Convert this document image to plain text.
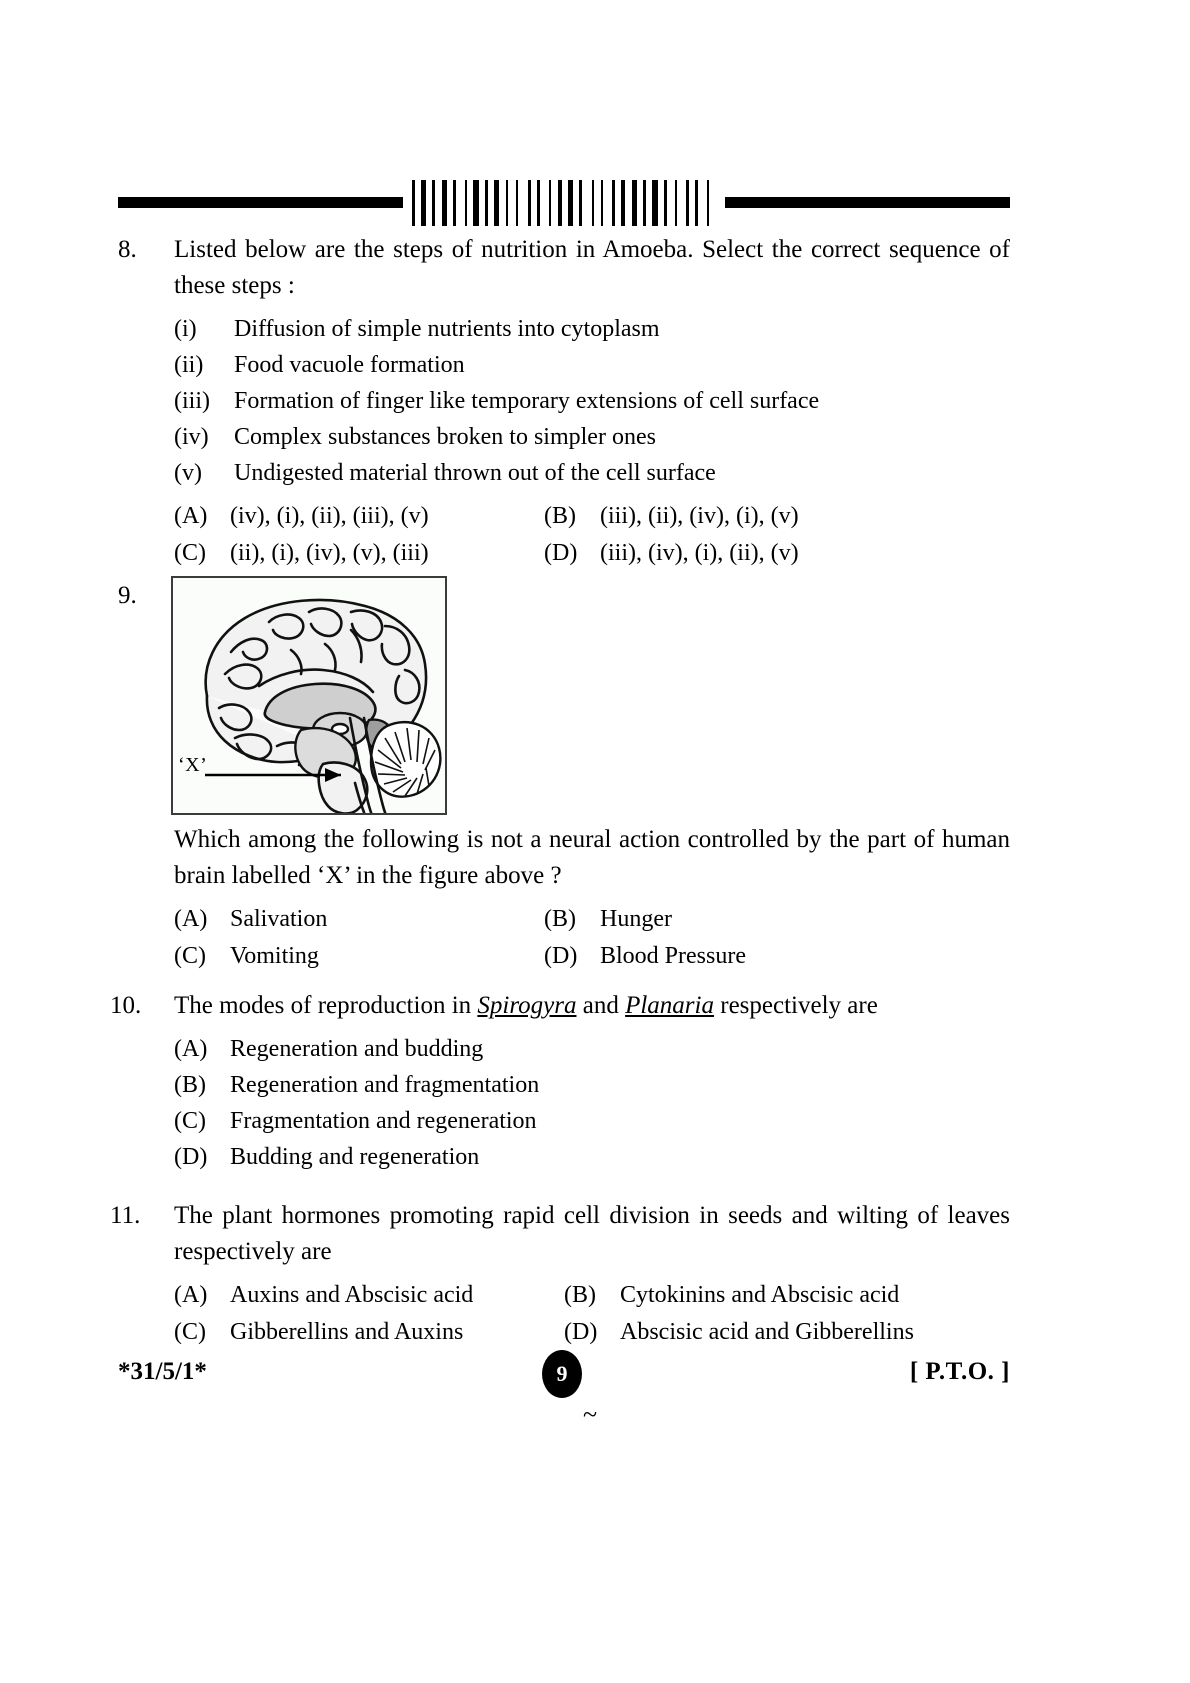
8.	Listed below are the steps of nutrition in Amoeba. Select the correct sequence of these steps :
(i)	Diffusion of simple nutrients into cytoplasm
(ii)	Food vacuole formation
(iii)	Formation of finger like temporary extensions of cell surface
(iv)	Complex substances broken to simpler ones
(v)	Undigested material thrown out of the cell surface
(A) (iv), (i), (ii), (iii), (v)	(B)	(iii), (ii), (iv), (i), (v)
(C)	(ii), (i), (iv), (v), (iii)	(D) (iii), (iv), (i), (ii), (v)
9.
‘X’
Which among the following is not a neural action controlled by the part of human brain labelled ‘X’ in the figure above ?
(A) Salivation	(B)	Hunger
(C)	Vomiting	(D) Blood Pressure
10.	The modes of reproduction in Spirogyra and Planaria respectively are
(A) Regeneration and budding
(B)	Regeneration and fragmentation
(C)	Fragmentation and regeneration
(D) Budding and regeneration
11.	The plant hormones promoting rapid cell division in seeds and wilting of leaves respectively are
(A) Auxins and Abscisic acid	(B)	Cytokinins and Abscisic acid
(C)	Gibberellins and Auxins	(D) Abscisic acid and Gibberellins
*31/5/1*	9	[ P.T.O. ]
~
